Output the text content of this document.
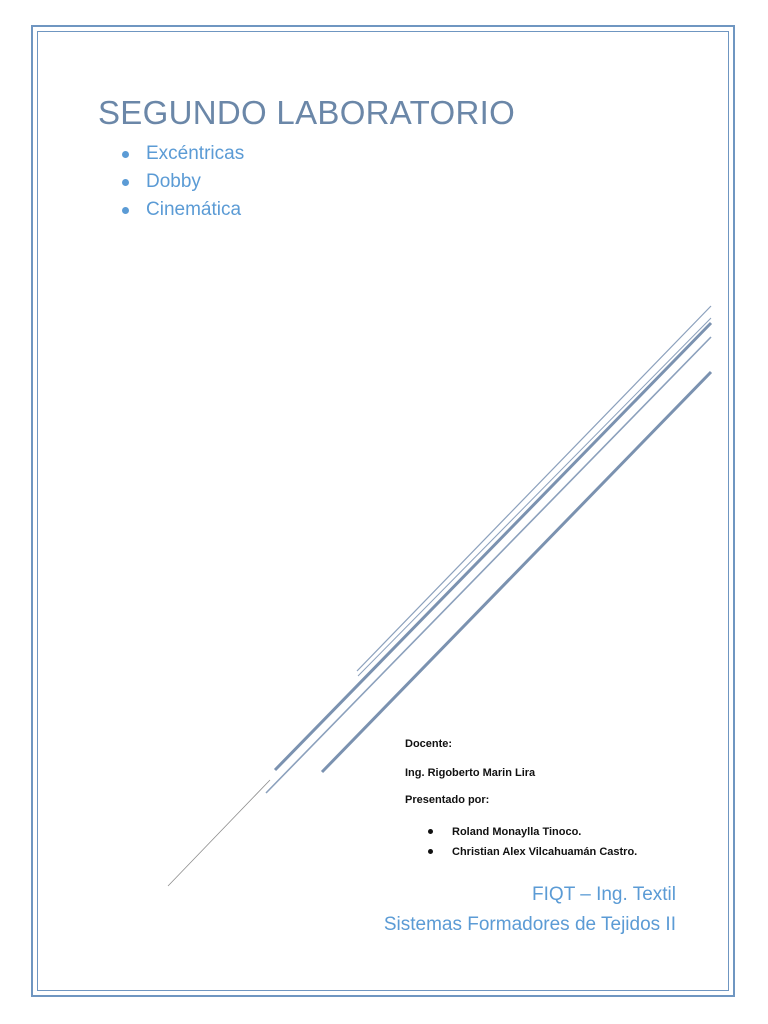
SEGUNDO LABORATORIO
Excéntricas
Dobby
Cinemática
Docente:
Ing. Rigoberto Marin Lira
Presentado por:
Roland Monaylla Tinoco.
Christian Alex Vilcahuamán Castro.
FIQT – Ing. Textil
Sistemas Formadores de Tejidos II
